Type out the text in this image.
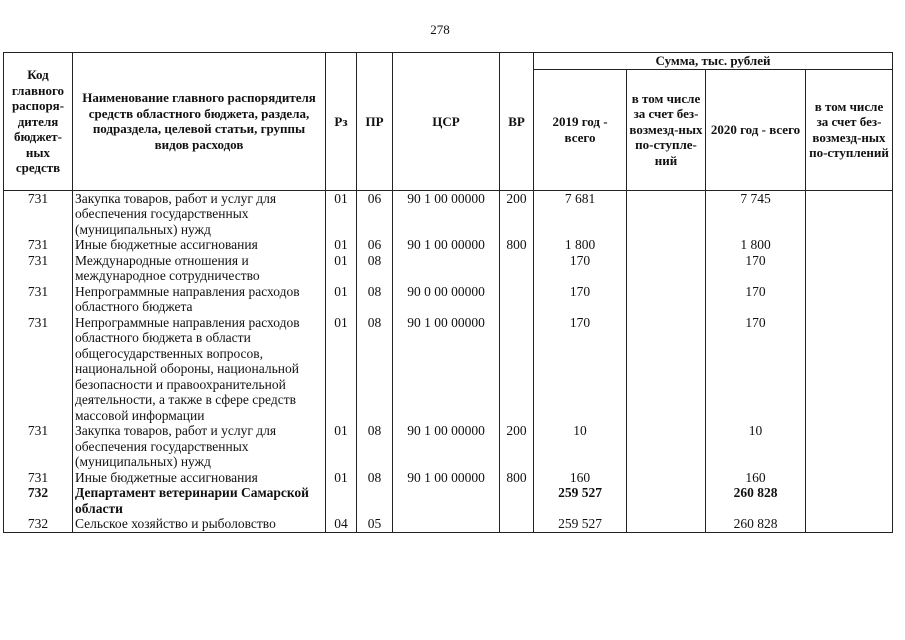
278
Код главного распоря-дителя бюджет-ных средств	Наименование главного распорядителя средств областного бюджета, раздела, подраздела, целевой статьи, группы видов расходов	Рз	ПР	ЦСР	ВР	Сумма, тыс. рублей			
						2019 год - всего	в том числе за счет без-возмезд-ных по-ступле-ний	2020 год - всего	в том числе за счет без-возмезд-ных по-ступлений
731	Закупка товаров, работ и услуг для обеспечения государственных (муниципальных) нужд	01	06	90 1 00 00000	200	7 681		7 745	
731	Иные бюджетные ассигнования	01	06	90 1 00 00000	800	1 800		1 800	
731	Международные отношения и международное сотрудничество	01	08			170		170	
731	Непрограммные направления расходов областного бюджета	01	08	90 0 00 00000		170		170	
731	Непрограммные направления расходов областного бюджета в области общегосударственных вопросов, национальной обороны, национальной безопасности и правоохранительной деятельности, а также в сфере средств массовой информации	01	08	90 1 00 00000		170		170	
731	Закупка товаров, работ и услуг для обеспечения государственных (муниципальных) нужд	01	08	90 1 00 00000	200	10		10	
731	Иные бюджетные ассигнования	01	08	90 1 00 00000	800	160		160	
732	Департамент ветеринарии Самарской области					259 527		260 828	
732	Сельское хозяйство и рыболовство	04	05			259 527		260 828	
